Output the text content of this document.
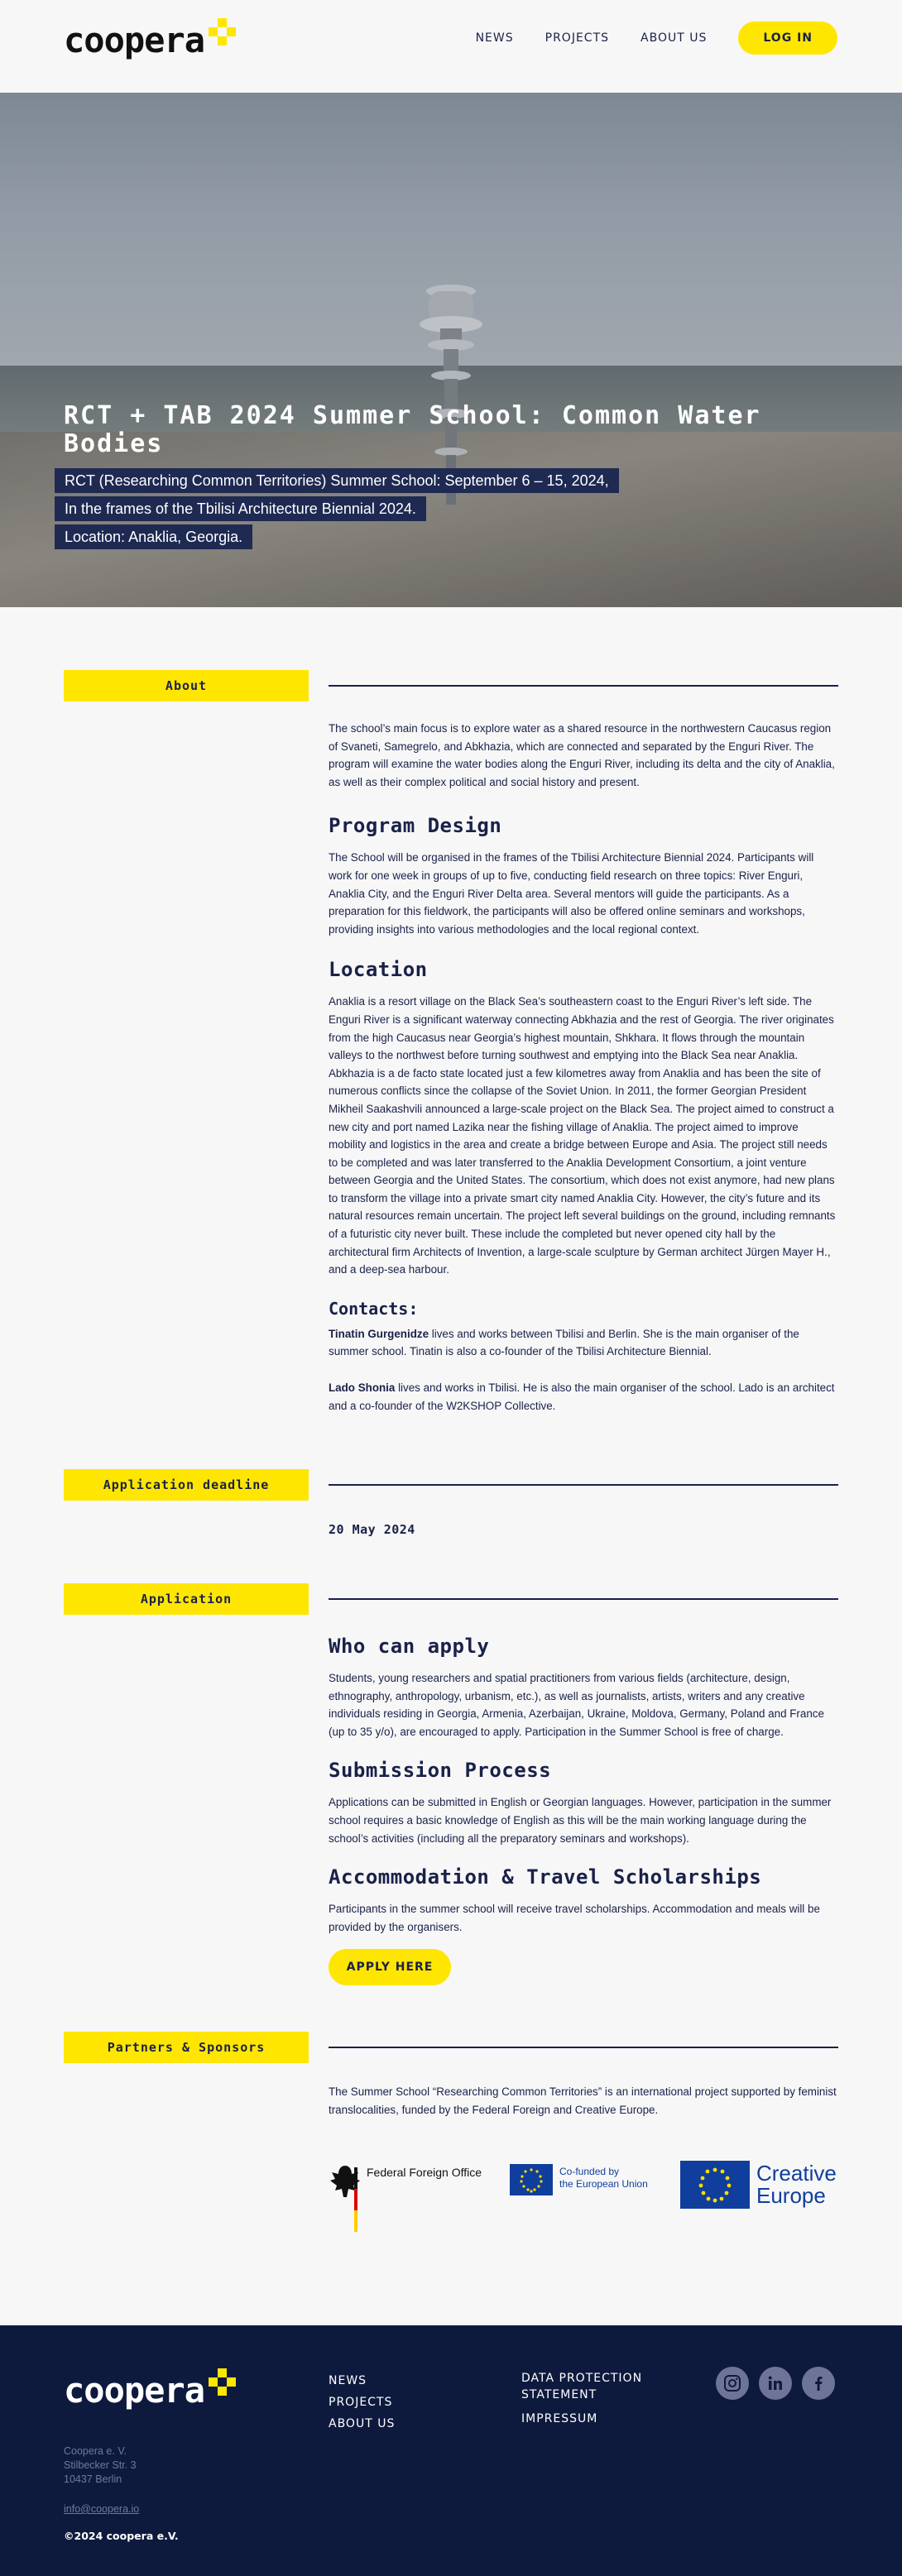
coopera	NEWS	PROJECTS	ABOUT US	LOG IN
RCT + TAB 2024 Summer School: Common Water Bodies
RCT (Researching Common Territories) Summer School: September 6 – 15, 2024,
In the frames of the Tbilisi Architecture Biennial 2024.
Location: Anaklia, Georgia.
About
The school’s main focus is to explore water as a shared resource in the northwestern Caucasus region of Svaneti, Samegrelo, and Abkhazia, which are connected and separated by the Enguri River. The program will examine the water bodies along the Enguri River, including its delta and the city of Anaklia, as well as their complex political and social history and present.
Program Design
The School will be organised in the frames of the Tbilisi Architecture Biennial 2024. Participants will work for one week in groups of up to five, conducting field research on three topics: River Enguri, Anaklia City, and the Enguri River Delta area. Several mentors will guide the participants. As a preparation for this fieldwork, the participants will also be offered online seminars and workshops, providing insights into various methodologies and the local regional context.
Location
Anaklia is a resort village on the Black Sea’s southeastern coast to the Enguri River’s left side. The Enguri River is a significant waterway connecting Abkhazia and the rest of Georgia. The river originates from the high Caucasus near Georgia’s highest mountain, Shkhara. It flows through the mountain valleys to the northwest before turning southwest and emptying into the Black Sea near Anaklia. Abkhazia is a de facto state located just a few kilometres away from Anaklia and has been the site of numerous conflicts since the collapse of the Soviet Union. In 2011, the former Georgian President Mikheil Saakashvili announced a large-scale project on the Black Sea. The project aimed to construct a new city and port named Lazika near the fishing village of Anaklia. The project aimed to improve mobility and logistics in the area and create a bridge between Europe and Asia. The project still needs to be completed and was later transferred to the Anaklia Development Consortium, a joint venture between Georgia and the United States. The consortium, which does not exist anymore, had new plans to transform the village into a private smart city named Anaklia City. However, the city’s future and its natural resources remain uncertain. The project left several buildings on the ground, including remnants of a futuristic city never built. These include the completed but never opened city hall by the architectural firm Architects of Invention, a large-scale sculpture by German architect Jürgen Mayer H., and a deep-sea harbour.
Contacts:
Tinatin Gurgenidze lives and works between Tbilisi and Berlin. She is the main organiser of the summer school. Tinatin is also a co-founder of the Tbilisi Architecture Biennial.
Lado Shonia lives and works in Tbilisi. He is also the main organiser of the school. Lado is an architect and a co-founder of the W2KSHOP Collective.
Application deadline
20 May 2024
Application
Who can apply
Students, young researchers and spatial practitioners from various fields (architecture, design, ethnography, anthropology, urbanism, etc.), as well as journalists, artists, writers and any creative individuals residing in Georgia, Armenia, Azerbaijan, Ukraine, Moldova, Germany, Poland and France (up to 35 y/o), are encouraged to apply. Participation in the Summer School is free of charge.
Submission Process
Applications can be submitted in English or Georgian languages. However, participation in the summer school requires a basic knowledge of English as this will be the main working language during the school’s activities (including all the preparatory seminars and workshops).
Accommodation & Travel Scholarships
Participants in the summer school will receive travel scholarships. Accommodation and meals will be provided by the organisers.
APPLY HERE
Partners & Sponsors
The Summer School “Researching Common Territories” is an international project supported by feminist translocalities, funded by the Federal Foreign and Creative Europe.
Federal Foreign Office	Co-funded by
the European Union	Creative
Europe
coopera
Coopera e. V.
Stilbecker Str. 3
10437 Berlin
info@coopera.io
©2024 coopera e.V.
NEWS
PROJECTS
ABOUT US
DATA PROTECTION STATEMENT
IMPRESSUM
